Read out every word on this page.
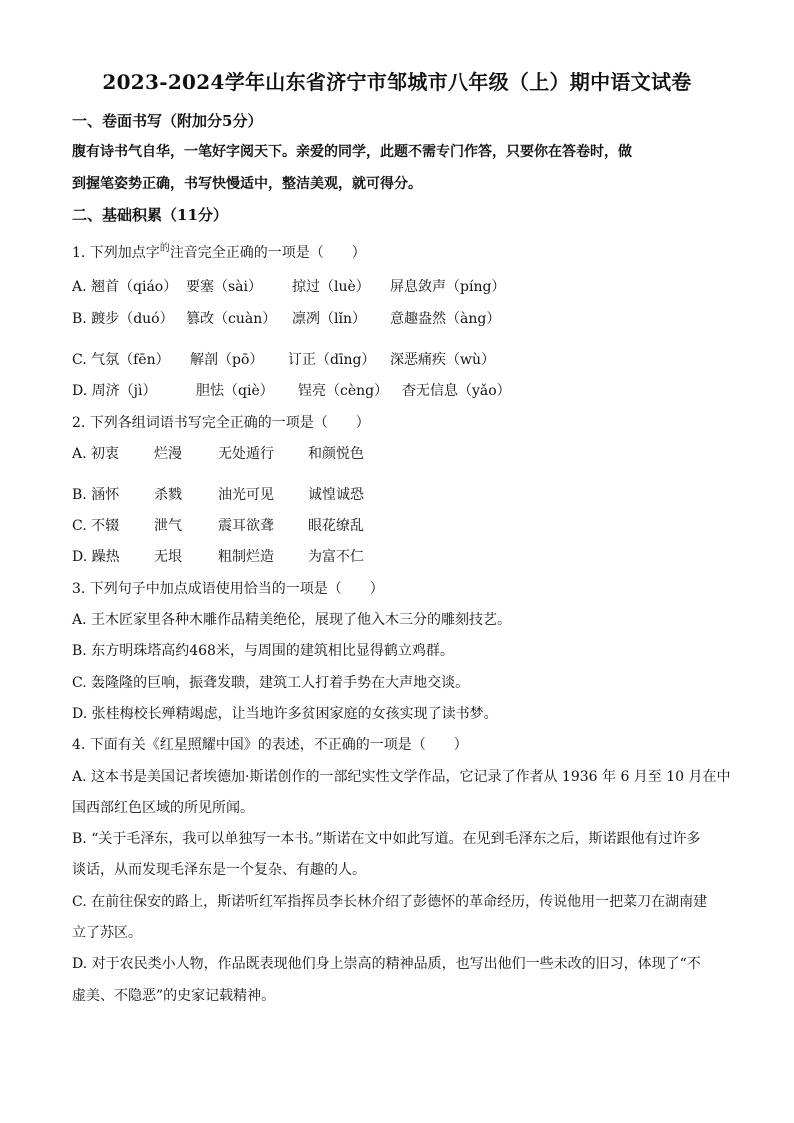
2023-2024学年山东省济宁市邹城市八年级（上）期中语文试卷
一、卷面书写（附加分5分）
腹有诗书气自华，一笔好字阅天下。亲爱的同学，此题不需专门作答，只要你在答卷时，做
到握笔姿势正确，书写快慢适中，整洁美观，就可得分。
二、基础积累（11分）
1. 下列加点字$^的$注音完全正确的一项是（　　）
A. 翘首（qiáo） 要塞（sài） 掠过（luè） 屏息敛声（píng）
B. 踱步（duó） 篡改（cuàn） 凛冽（lǐn） 意趣盎然（àng）
C. 气氛（fēn） 解剖（pō） 订正（dīng） 深恶痛疾（wù）
D. 周济（jì）	胆怯（qiè） 锃亮（cèng） 杳无信息（yǎo）
2. 下列各组词语书写完全正确的一项是（　　）
A. 初衷 烂漫	无处遁行 和颜悦色
B. 涵怀 杀戮	油光可见 诚惶诚恐
C. 不辍 泄气	震耳欲聋 眼花缭乱
D. 躁热 无垠	粗制烂造 为富不仁
3. 下列句子中加点成语使用恰当的一项是（　　）
A. 王木匠家里各种木雕作品精美绝伦，展现了他入木三分的雕刻技艺。
B. 东方明珠塔高约468米，与周围的建筑相比显得鹤立鸡群。
C. 轰隆隆的巨响，振聋发聩，建筑工人打着手势在大声地交谈。
D. 张桂梅校长殚精竭虑，让当地许多贫困家庭的女孩实现了读书梦。
4. 下面有关《红星照耀中国》的表述，不正确的一项是（　　）
A. 这本书是美国记者埃德加·斯诺创作的一部纪实性文学作品，它记录了作者从 1936 年 6 月至 10 月在中
国西部红色区域的所见所闻。
B. “关于毛泽东，我可以单独写一本书。”斯诺在文中如此写道。在见到毛泽东之后，斯诺跟他有过许多
谈话，从而发现毛泽东是一个复杂、有趣的人。
C. 在前往保安的路上，斯诺听红军指挥员李长林介绍了彭德怀的革命经历，传说他用一把菜刀在湖南建
立了苏区。
D. 对于农民类小人物，作品既表现他们身上崇高的精神品质，也写出他们一些未改的旧习，体现了“不
虚美、不隐恶”的史家记载精神。
